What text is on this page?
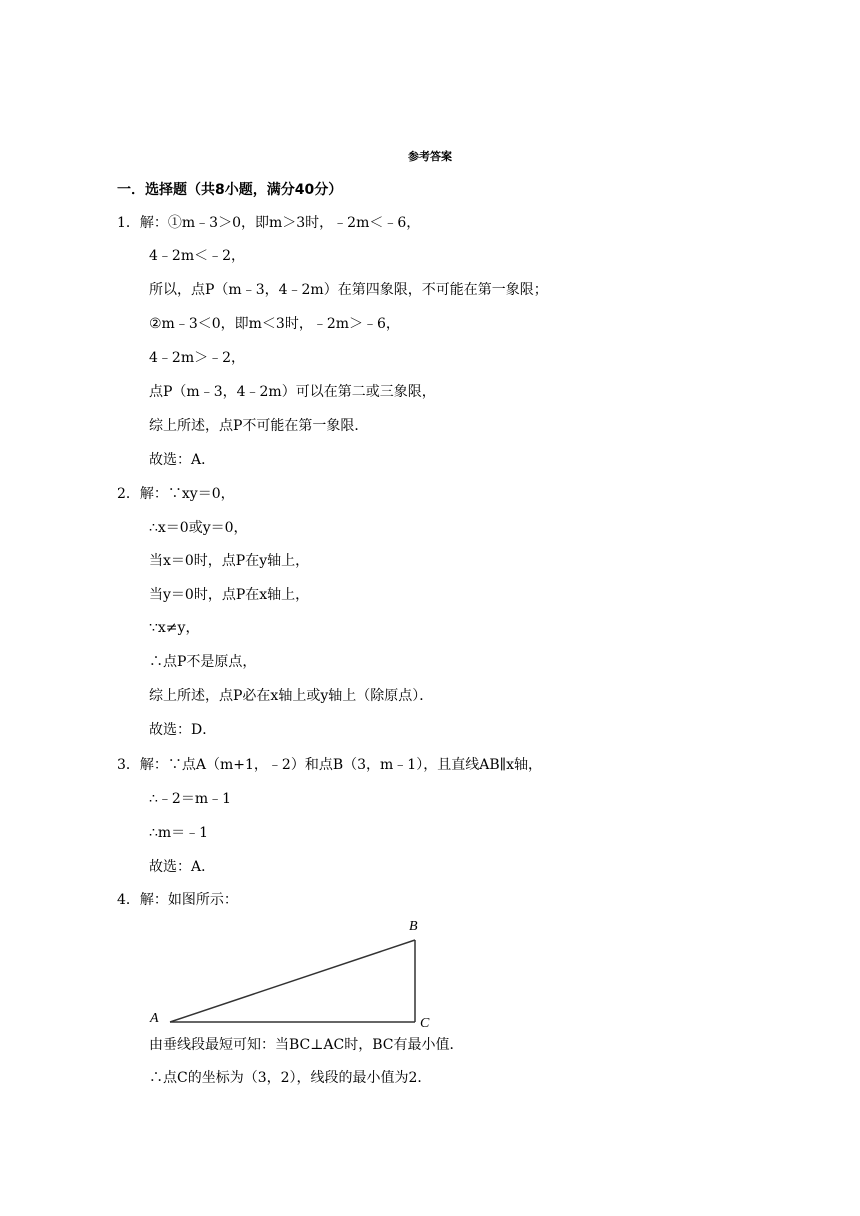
参考答案
一．选择题（共8小题，满分40分）
1．解：①m﹣3＞0，即m＞3时，﹣2m＜﹣6，
4﹣2m＜﹣2，
所以，点P（m﹣3，4﹣2m）在第四象限，不可能在第一象限；
②m﹣3＜0，即m＜3时，﹣2m＞﹣6，
4﹣2m＞﹣2，
点P（m﹣3，4﹣2m）可以在第二或三象限，
综上所述，点P不可能在第一象限．
故选：A．
2．解：∵xy＝0，
∴x＝0或y＝0，
当x＝0时，点P在y轴上，
当y＝0时，点P在x轴上，
∵x≠y，
∴点P不是原点，
综上所述，点P必在x轴上或y轴上（除原点）．
故选：D．
3．解：∵点A（m+1，﹣2）和点B（3，m﹣1），且直线AB∥x轴，
∴﹣2＝m﹣1
∴m＝﹣1
故选：A．
4．解：如图所示：
A
B
C
由垂线段最短可知：当BC⊥AC时，BC有最小值．
∴点C的坐标为（3，2），线段的最小值为2．
